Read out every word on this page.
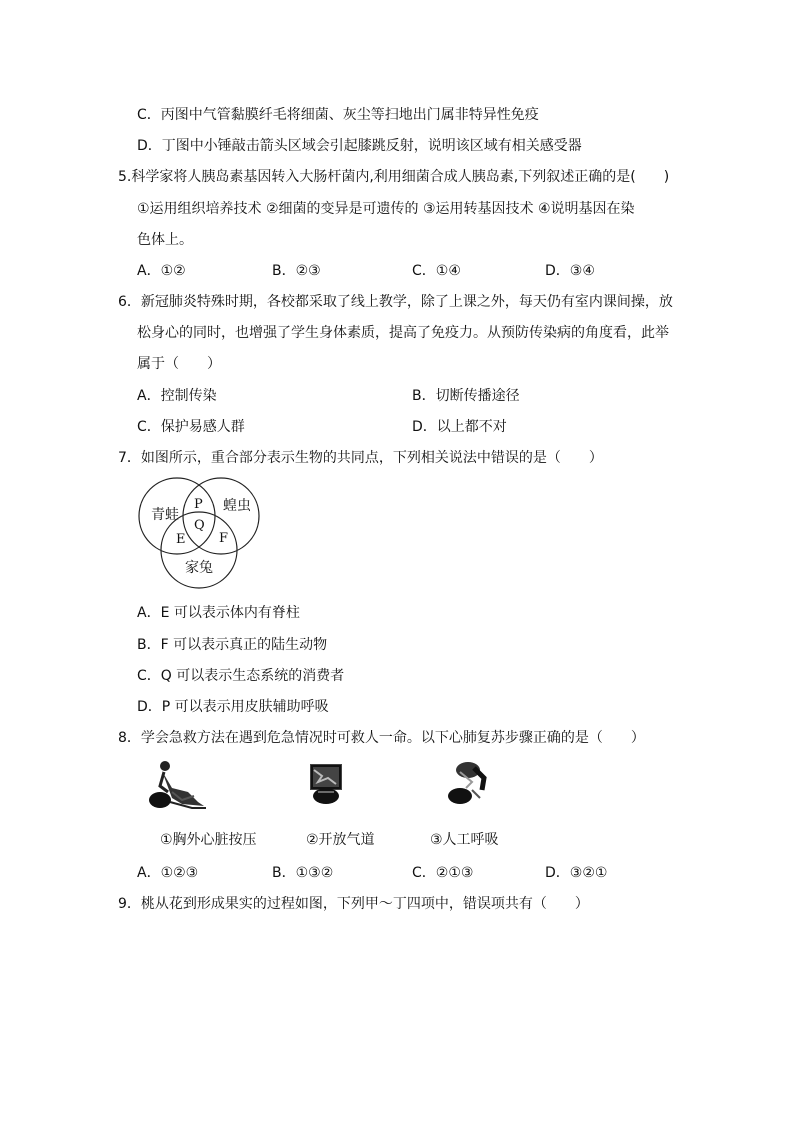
C．丙图中气管黏膜纤毛将细菌、灰尘等扫地出门属非特异性免疫
D．丁图中小锤敲击箭头区域会引起膝跳反射，说明该区域有相关感受器
5.科学家将人胰岛素基因转入大肠杆菌内,利用细菌合成人胰岛素,下列叙述正确的是(　　)
①运用组织培养技术 ②细菌的变异是可遗传的 ③运用转基因技术 ④说明基因在染
色体上。
A．①②	B．②③	C．①④	D．③④
6．新冠肺炎特殊时期，各校都采取了线上教学，除了上课之外，每天仍有室内课间操，放
松身心的同时，也增强了学生身体素质，提高了免疫力。从预防传染病的角度看，此举
属于（　　）
A．控制传染	B．切断传播途径
C．保护易感人群	D．以上都不对
7．如图所示，重合部分表示生物的共同点，下列相关说法中错误的是（　　）
青蛙
蝗虫
家兔
P
Q
E	F
A．E 可以表示体内有脊柱
B．F 可以表示真正的陆生动物
C．Q 可以表示生态系统的消费者
D．P 可以表示用皮肤辅助呼吸
8．学会急救方法在遇到危急情况时可救人一命。以下心肺复苏步骤正确的是（　　）
①胸外心脏按压	②开放气道	③人工呼吸
A．①②③	B．①③②	C．②①③	D．③②①
9．桃从花到形成果实的过程如图，下列甲～丁四项中，错误项共有（　　）
